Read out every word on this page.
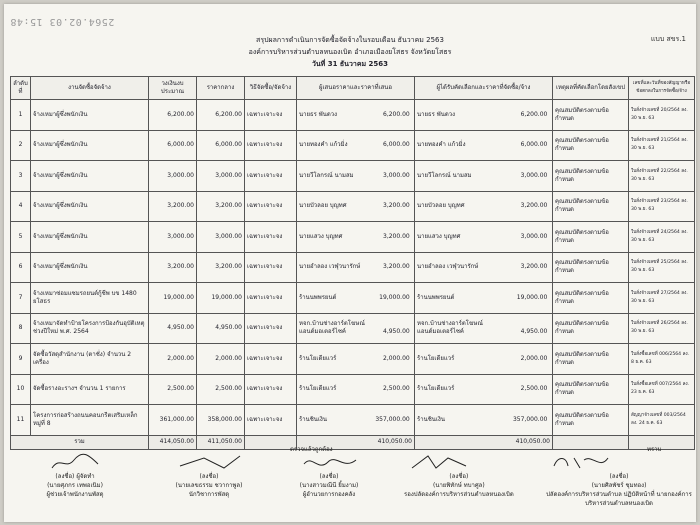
2564.02.03 15:48
แบบ สขร.1
สรุปผลการดำเนินการจัดซื้อจัดจ้างในรอบเดือน ธันวาคม 2563
องค์การบริหารส่วนตำบลหนองเบิด อำเภอเมืองยโสธร จังหวัดยโสธร
วันที่ 31 ธันวาคม 2563
ลำดับที่	งานจัดซื้อจัดจ้าง	วงเงินงบประมาณ	ราคากลาง	วิธีจัดซื้อ/จัดจ้าง	ผู้เสนอราคาและราคาที่เสนอ	ผู้ได้รับคัดเลือกและราคาที่จัดซื้อ/จ้าง	เหตุผลที่คัดเลือกโดยสังเขป	เลขที่และวันที่ของสัญญาหรือข้อตกลงในการจัดซื้อ/จ้าง
1	จ้างเหมาผู้ซึ่งพนักเงิน	6,200.00	6,200.00	เฉพาะเจาะจง	นายธร พันดวง 6,200.00	นายธร พันดวง 6,200.00	คุณสมบัติตรงตามข้อกำหนด	ใบสั่งจ้างเลขที่ 20/2564 ลง. 30 พ.ย. 63
2	จ้างเหมาผู้ซึ่งพนักเงิน	6,000.00	6,000.00	เฉพาะเจาะจง	นายทองคำ แก้วมิ่ง 6,000.00	นายทองคำ แก้วมิ่ง 6,000.00	คุณสมบัติตรงตามข้อกำหนด	ใบสั่งจ้างเลขที่ 21/2564 ลง. 30 พ.ย. 63
3	จ้างเหมาผู้ซึ่งพนักเงิน	3,000.00	3,000.00	เฉพาะเจาะจง	นายวีโลกรณ์ นามสม 3,000.00	นายวีโลกรณ์ นามสม 3,000.00	คุณสมบัติตรงตามข้อกำหนด	ใบสั่งจ้างเลขที่ 22/2564 ลง. 30 พ.ย. 63
4	จ้างเหมาผู้ซึ่งพนักเงิน	3,200.00	3,200.00	เฉพาะเจาะจง	นายบัวลอย บุญทศ 3,200.00	นายบัวลอย บุญทศ 3,200.00	คุณสมบัติตรงตามข้อกำหนด	ใบสั่งจ้างเลขที่ 23/2564 ลง. 30 พ.ย. 63
5	จ้างเหมาผู้ซึ่งพนักเงิน	3,000.00	3,000.00	เฉพาะเจาะจง	นายแสวง บุญทศ 3,200.00	นายแสวง บุญทศ 3,000.00	คุณสมบัติตรงตามข้อกำหนด	ใบสั่งจ้างเลขที่ 24/2564 ลง. 30 พ.ย. 63
6	จ้างเหมาผู้ซึ่งพนักเงิน	3,200.00	3,200.00	เฉพาะเจาะจง	นายอำลอง เวฬุวนารักษ์ 3,200.00	นายอำลอง เวฬุวนารักษ์ 3,200.00	คุณสมบัติตรงตามข้อกำหนด	ใบสั่งจ้างเลขที่ 25/2564 ลง. 30 พ.ย. 63
7	จ้างเหมาซ่อมแซมรถยนต์กู้ชีพ บข 1480 ยโสธร	19,000.00	19,000.00	เฉพาะเจาะจง	ร้านนพพรยนต์ 19,000.00	ร้านนพพรยนต์ 19,000.00	คุณสมบัติตรงตามข้อกำหนด	ใบสั่งจ้างเลขที่ 27/2564 ลง. 30 พ.ย. 63
8	จ้างเหมาจัดทำป้ายโครงการป้องกันอุบัติเหตุช่วงปีใหม่ พ.ศ. 2564	4,950.00	4,950.00	เฉพาะเจาะจง	หจก.บ้านช่างอาร์ตโฆษณ์ แอนด์มอเตอร์ไซค์ 4,950.00	หจก.บ้านช่างอาร์ตโฆษณ์ แอนด์มอเตอร์ไซค์ 4,950.00	คุณสมบัติตรงตามข้อกำหนด	ใบสั่งจ้างเลขที่ 26/2564 ลง. 30 พ.ย. 63
9	จัดซื้อวัสดุสำนักงาน (ตาชั่ง) จำนวน 2 เครื่อง	2,000.00	2,000.00	เฉพาะเจาะจง	ร้านโยเดียแวร์ 2,000.00	ร้านโยเดียแวร์ 2,000.00	คุณสมบัติตรงตามข้อกำหนด	ใบสั่งซื้อเลขที่ 006/2564 ลง. 8 ธ.ค. 63
10	จัดซื้อรางอะรางฯ จำนวน 1 รายการ	2,500.00	2,500.00	เฉพาะเจาะจง	ร้านโยเดียแวร์ 2,500.00	ร้านโยเดียแวร์ 2,500.00	คุณสมบัติตรงตามข้อกำหนด	ใบสั่งซื้อเลขที่ 007/2564 ลง. 23 ธ.ค. 63
11	โครงการก่อสร้างถนนคอนกรีตเสริมเหล็ก หมู่ที่ 8	361,000.00	358,000.00	เฉพาะเจาะจง	ร้านชินเงิน 357,000.00	ร้านชินเงิน 357,000.00	คุณสมบัติตรงตามข้อกำหนด	สัญญาจ้างเลขที่ 003/2564 ลง. 24 ธ.ค. 63
รวม		414,050.00	411,050.00		410,050.00	410,050.00		
ตรวจแล้วถูกต้อง	ทราบ
(ลงชื่อ) ผู้จัดทำ
(นายศุภกร เทพอเนิม)
ผู้ช่วยเจ้าพนักงานพัสดุ
(ลงชื่อ)
(นายเลขธรรม ชวากาพูล)
นักวิชาการพัสดุ
(ลงชื่อ)
(นางสาวมณีนี ยิ้มงาม)
ผู้อำนวยการกองคลัง
(ลงชื่อ)
(นายพิทักษ์ ทบาศูล)
รองปลัดองค์การบริหารส่วนตำบลหนองเบิด
(ลงชื่อ)
(นายศิลพัชร์ ชุมทอง)
ปลัดองค์การบริหารส่วนตำบล ปฏิบัติหน้าที่ นายกองค์การบริหารส่วนตำบลหนองเบิด
